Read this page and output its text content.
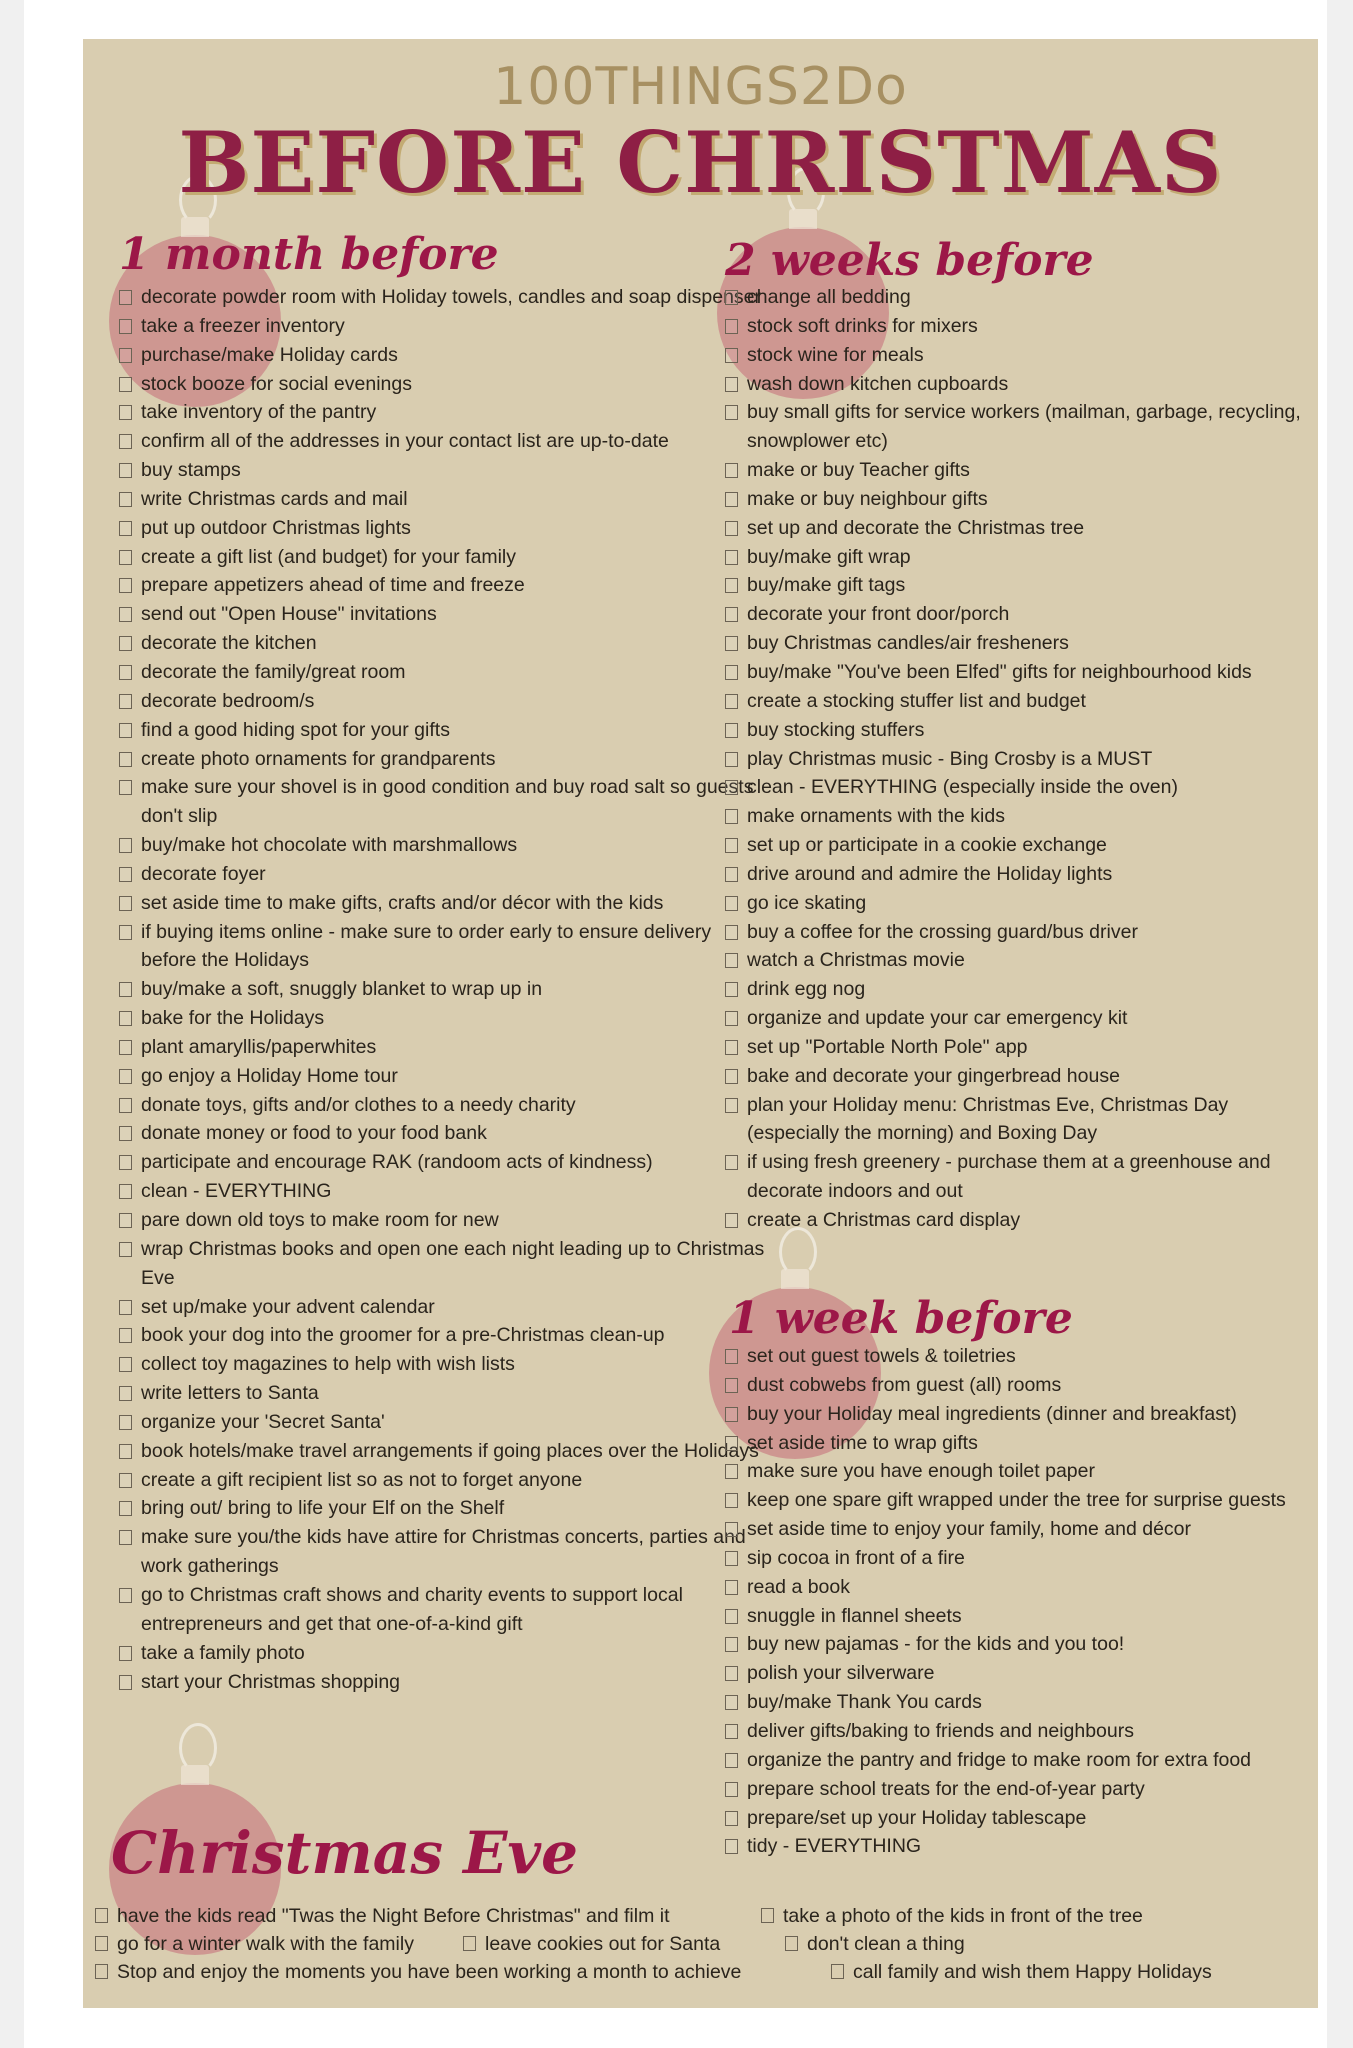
100THINGS2Do
BEFORE CHRISTMAS
1 month before
decorate powder room with Holiday towels, candles and soap dispenser
take a freezer inventory
purchase/make Holiday cards
stock booze for social evenings
take inventory of the pantry
confirm all of the addresses in your contact list are up-to-date
buy stamps
write Christmas cards and mail
put up outdoor Christmas lights
create a gift list (and budget) for your family
prepare appetizers ahead of time and freeze
send out "Open House" invitations
decorate the kitchen
decorate the family/great room
decorate bedroom/s
find a good hiding spot for your gifts
create photo ornaments for grandparents
make sure your shovel is in good condition and buy road salt so guests don't slip
buy/make hot chocolate with marshmallows
decorate foyer
set aside time to make gifts, crafts and/or décor with the kids
if buying items online - make sure to order early to ensure delivery before the Holidays
buy/make a soft, snuggly blanket to wrap up in
bake for the Holidays
plant amaryllis/paperwhites
go enjoy a Holiday Home tour
donate toys, gifts and/or clothes to a needy charity
donate money or food to your food bank
participate and encourage RAK (randoom acts of kindness)
clean - EVERYTHING
pare down old toys to make room for new
wrap Christmas books and open one each night leading up to Christmas Eve
set up/make your advent calendar
book your dog into the groomer for a pre-Christmas clean-up
collect toy magazines to help with wish lists
write letters to Santa
organize your 'Secret Santa'
book hotels/make travel arrangements if going places over the Holidays
create a gift recipient list so as not to forget anyone
bring out/ bring to life your Elf on the Shelf
make sure you/the kids have attire for Christmas concerts, parties and work gatherings
go to Christmas craft shows and charity events to support local entrepreneurs and get that one-of-a-kind gift
take a family photo
start your Christmas shopping
2 weeks before
change all bedding
stock soft drinks for mixers
stock wine for meals
wash down kitchen cupboards
buy small gifts for service workers (mailman, garbage, recycling, snowplower etc)
make or buy Teacher gifts
make or buy neighbour gifts
set up and decorate the Christmas tree
buy/make gift wrap
buy/make gift tags
decorate your front door/porch
buy Christmas candles/air fresheners
buy/make "You've been Elfed" gifts for neighbourhood kids
create a stocking stuffer list and budget
buy stocking stuffers
play Christmas music - Bing Crosby is a MUST
clean - EVERYTHING (especially inside the oven)
make ornaments with the kids
set up or participate in a cookie exchange
drive around and admire the Holiday lights
go ice skating
buy a coffee for the crossing guard/bus driver
watch a Christmas movie
drink egg nog
organize and update your car emergency kit
set up "Portable North Pole" app
bake and decorate your gingerbread house
plan your Holiday menu: Christmas Eve, Christmas Day (especially the morning) and Boxing Day
if using fresh greenery - purchase them at a greenhouse and decorate indoors and out
create a Christmas card display
1 week before
set out guest towels & toiletries
dust cobwebs from guest (all) rooms
buy your Holiday meal ingredients (dinner and breakfast)
set aside time to wrap gifts
make sure you have enough toilet paper
keep one spare gift wrapped under the tree for surprise guests
set aside time to enjoy your family, home and décor
sip cocoa in front of a fire
read a book
snuggle in flannel sheets
buy new pajamas - for the kids and you too!
polish your silverware
buy/make Thank You cards
deliver gifts/baking to friends and neighbours
organize the pantry and fridge to make room for extra food
prepare school treats for the end-of-year party
prepare/set up your Holiday tablescape
tidy - EVERYTHING
Christmas Eve
have the kids read "Twas the Night Before Christmas" and film it	take a photo of the kids in front of the tree
go for a winter walk with the family	leave cookies out for Santa	don't clean a thing
Stop and enjoy the moments you have been working a month to achieve	call family and wish them Happy Holidays
